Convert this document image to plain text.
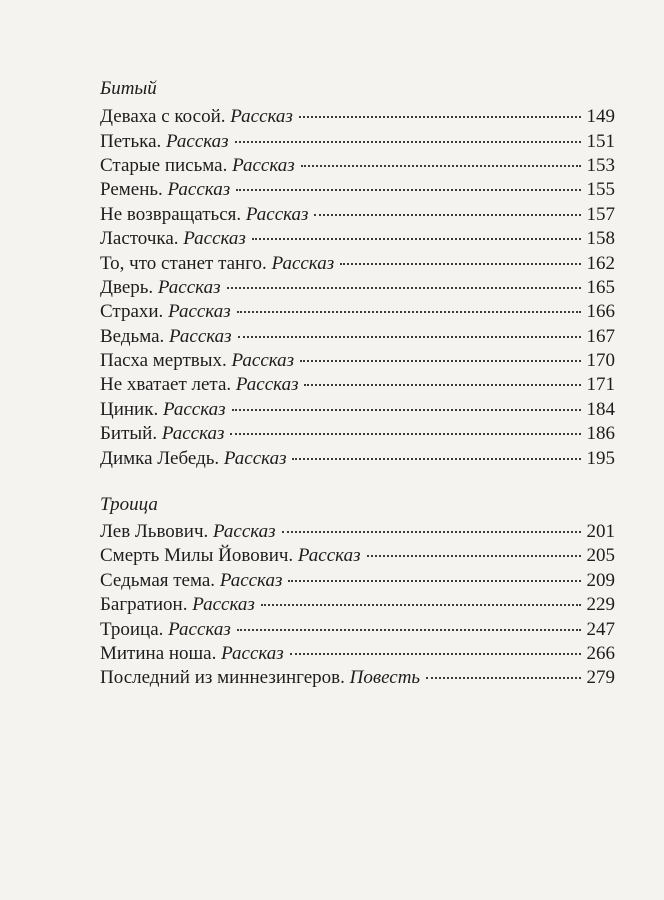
Битый
Деваха с косой. Рассказ	149
Петька. Рассказ	151
Старые письма. Рассказ	153
Ремень. Рассказ	155
Не возвращаться. Рассказ	157
Ласточка. Рассказ	158
То, что станет танго. Рассказ	162
Дверь. Рассказ	165
Страхи. Рассказ	166
Ведьма. Рассказ	167
Пасха мертвых. Рассказ	170
Не хватает лета. Рассказ	171
Циник. Рассказ	184
Битый. Рассказ	186
Димка Лебедь. Рассказ	195
Троица
Лев Львович. Рассказ	201
Смерть Милы Йовович. Рассказ	205
Седьмая тема. Рассказ	209
Багратион. Рассказ	229
Троица. Рассказ	247
Митина ноша. Рассказ	266
Последний из миннезингеров. Повесть	279
